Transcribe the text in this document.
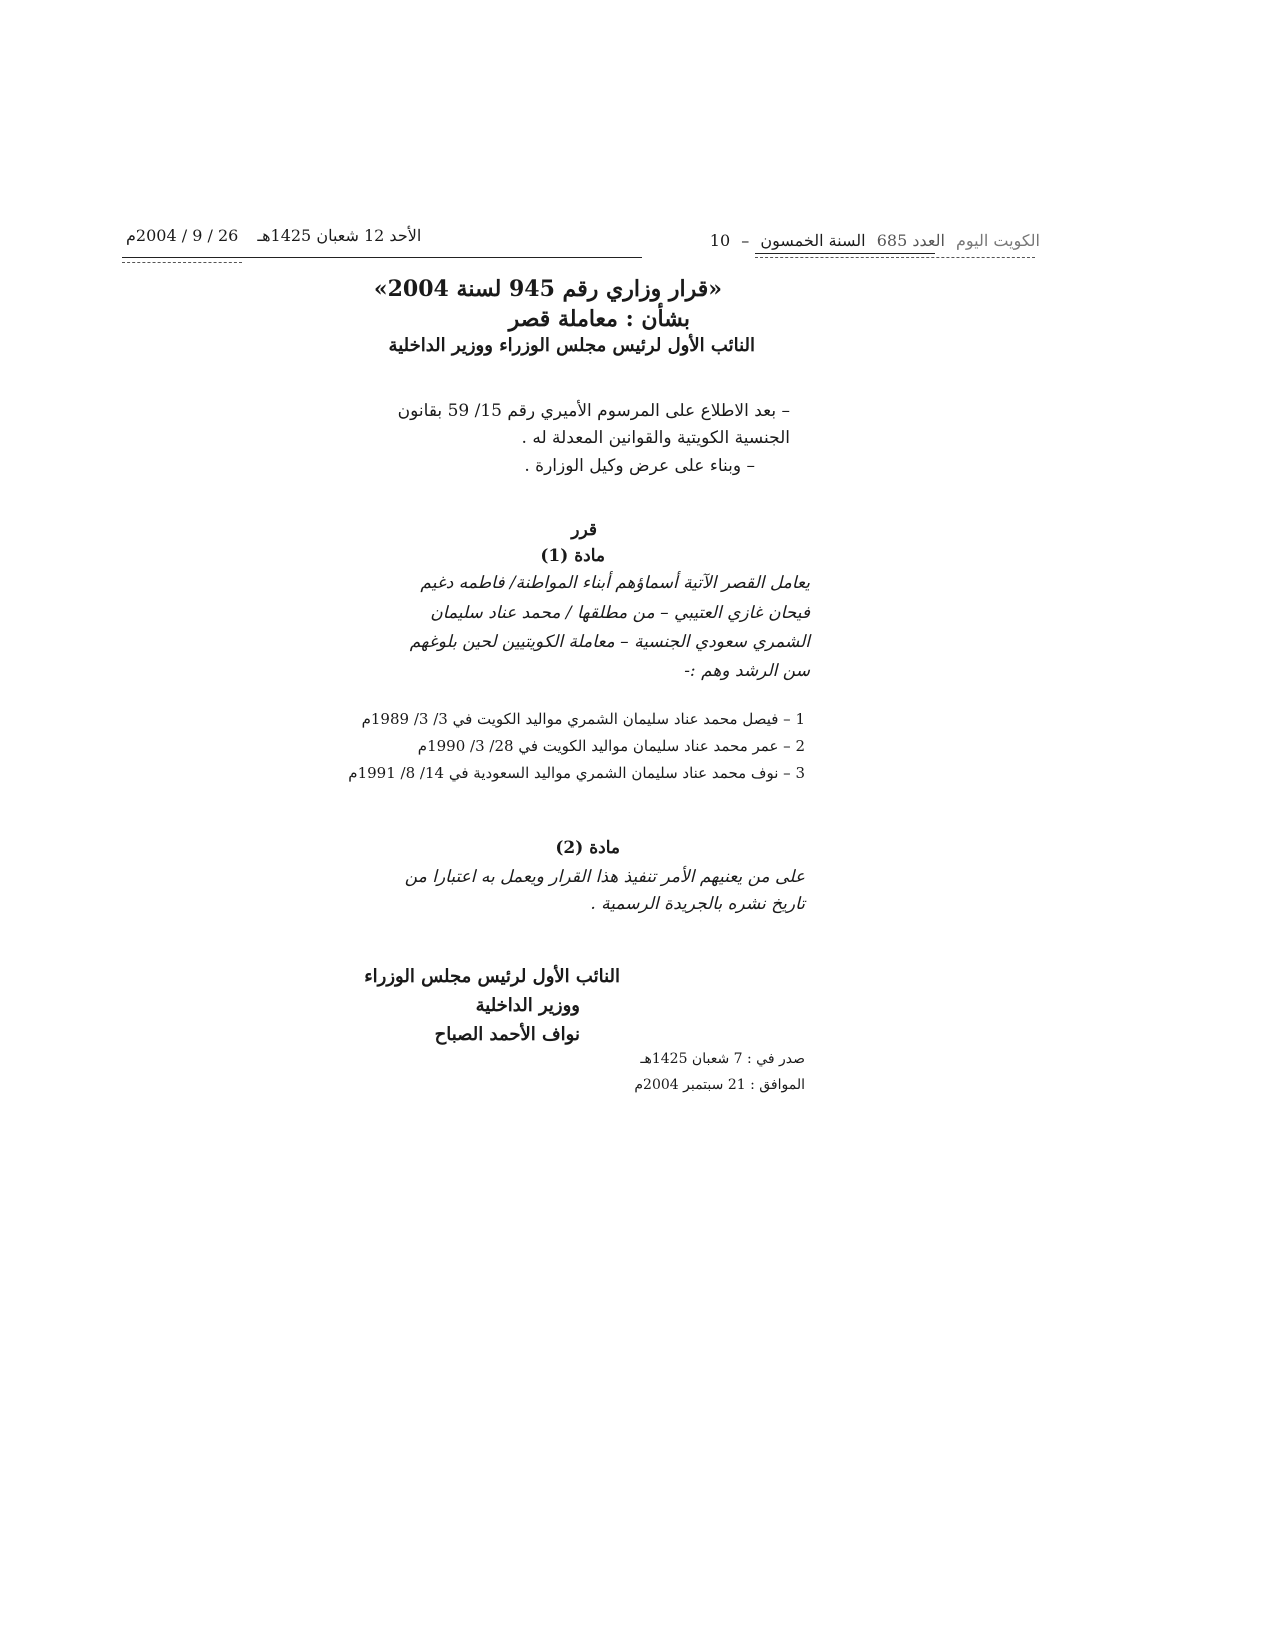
الكويت اليوم العدد 685 السنة الخمسون – 10
الأحد 12 شعبان 1425هـ 26 / 9 / 2004م
«قرار وزاري رقم 945 لسنة 2004»
بشأن : معاملة قصر
النائب الأول لرئيس مجلس الوزراء ووزير الداخلية
– بعد الاطلاع على المرسوم الأميري رقم 15/ 59 بقانون
الجنسية الكويتية والقوانين المعدلة له .
– وبناء على عرض وكيل الوزارة .
قرر
مادة (1)
يعامل القصر الآتية أسماؤهم أبناء المواطنة/ فاطمه دغيم
فيحان غازي العتيبي – من مطلقها / محمد عناد سليمان
الشمري سعودي الجنسية – معاملة الكويتيين لحين بلوغهم
سن الرشد وهم :-
1 – فيصل محمد عناد سليمان الشمري مواليد الكويت في 3/ 3/ 1989م
2 – عمر محمد عناد سليمان مواليد الكويت في 28/ 3/ 1990م
3 – نوف محمد عناد سليمان الشمري مواليد السعودية في 14/ 8/ 1991م
مادة (2)
على من يعنيهم الأمر تنفيذ هذا القرار ويعمل به اعتبارا من
تاريخ نشره بالجريدة الرسمية .
النائب الأول لرئيس مجلس الوزراء
ووزير الداخلية
نواف الأحمد الصباح
صدر في : 7 شعبان 1425هـ
الموافق : 21 سبتمبر 2004م
